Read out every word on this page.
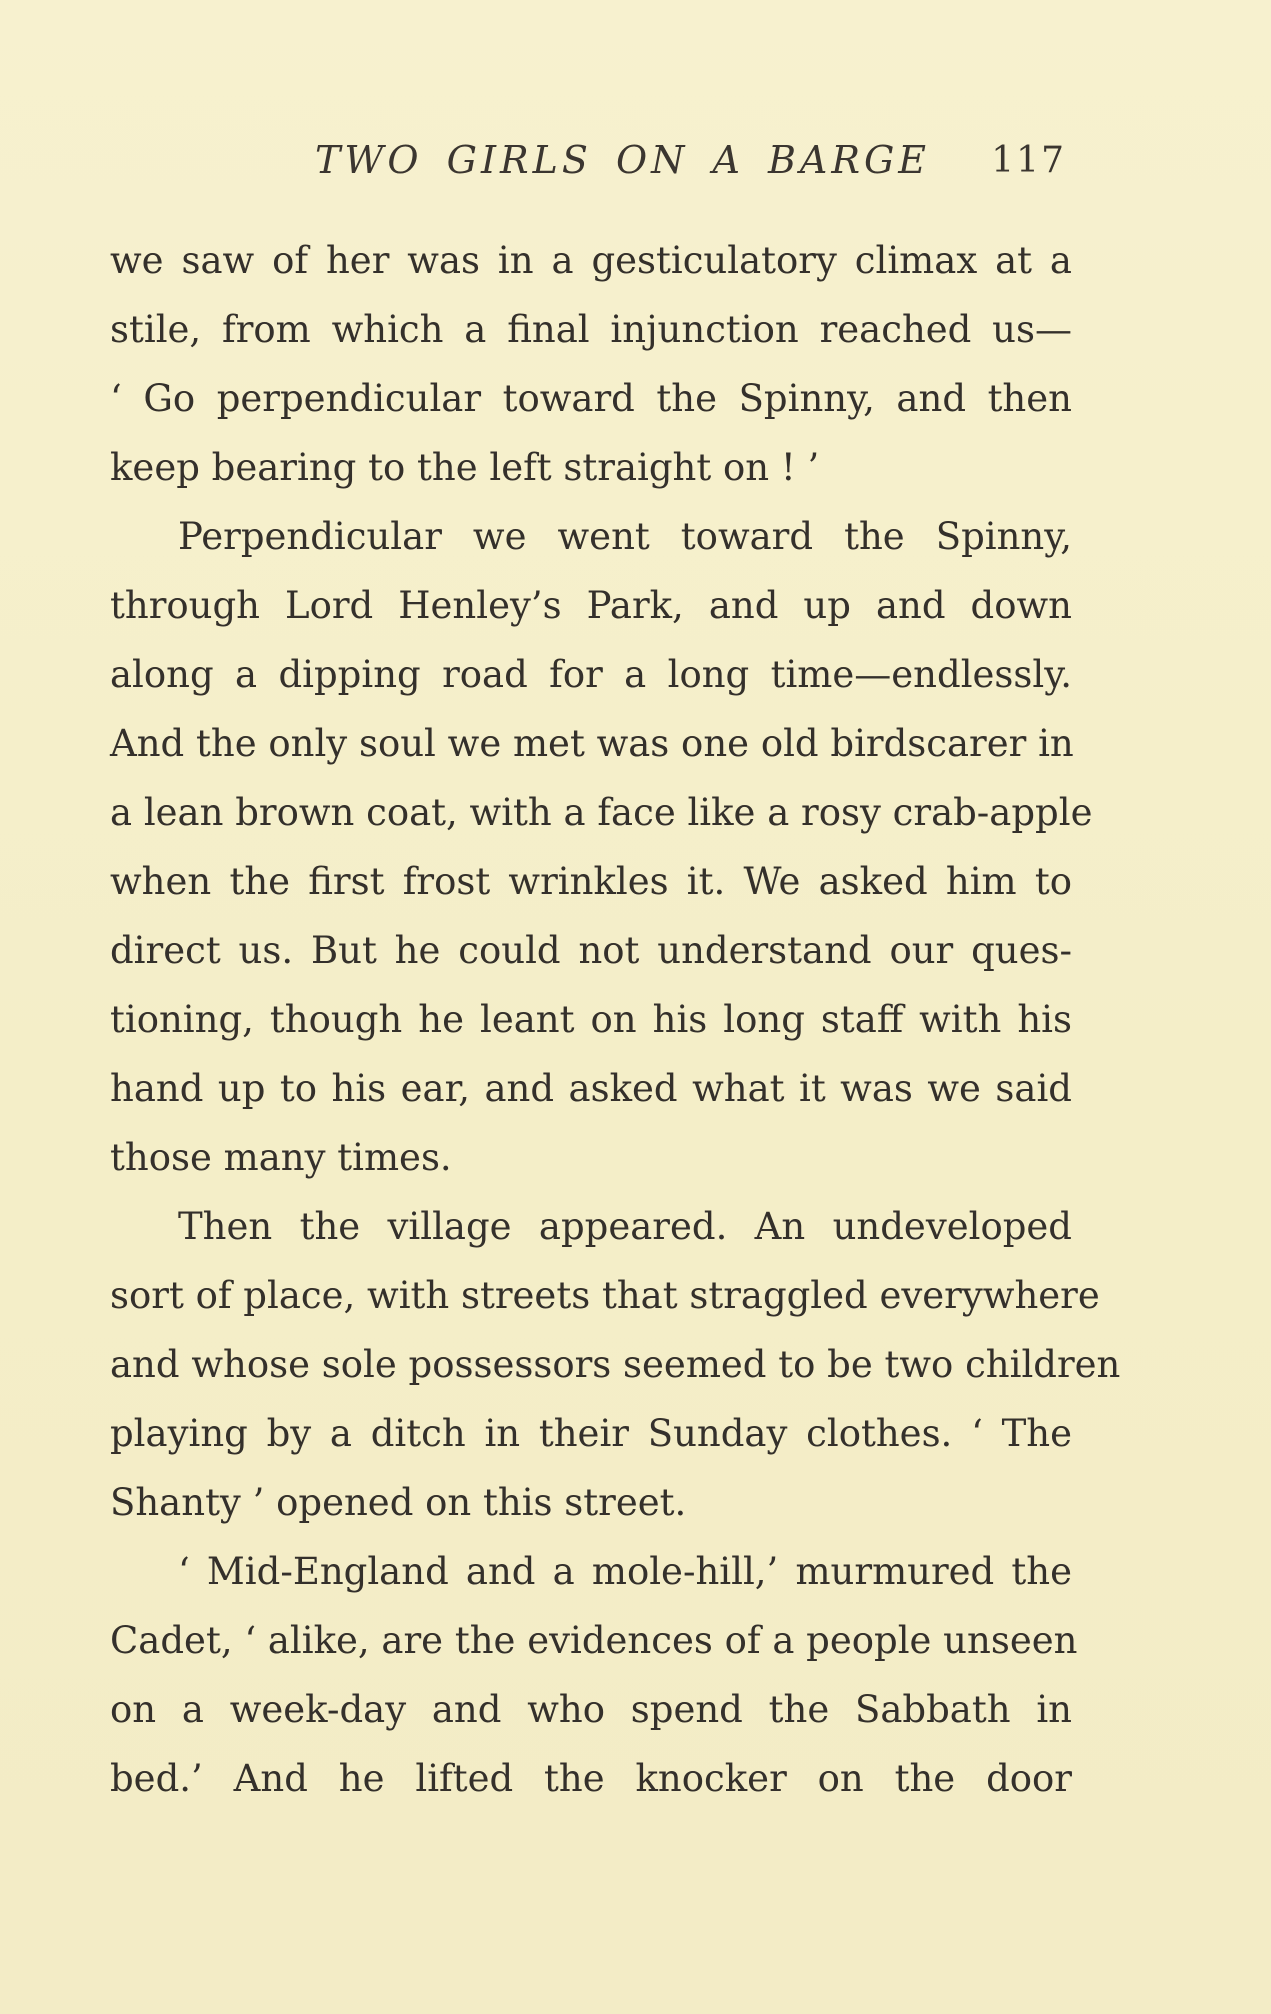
TWO GIRLS ON A BARGE 117
we saw of her was in a gesticulatory climax at a
stile, from which a final injunction reached us—
‘ Go perpendicular toward the Spinny, and then
keep bearing to the left straight on ! ’
Perpendicular we went toward the Spinny,
through Lord Henley’s Park, and up and down
along a dipping road for a long time—endlessly.
And the only soul we met was one old birdscarer in
a lean brown coat, with a face like a rosy crab-apple
when the first frost wrinkles it. We asked him to
direct us. But he could not understand our ques-
tioning, though he leant on his long staff with his
hand up to his ear, and asked what it was we said
those many times.
Then the village appeared. An undeveloped
sort of place, with streets that straggled everywhere
and whose sole possessors seemed to be two children
playing by a ditch in their Sunday clothes. ‘ The
Shanty ’ opened on this street.
‘ Mid-England and a mole-hill,’ murmured the
Cadet, ‘ alike, are the evidences of a people unseen
on a week-day and who spend the Sabbath in
bed.’ And he lifted the knocker on the door
